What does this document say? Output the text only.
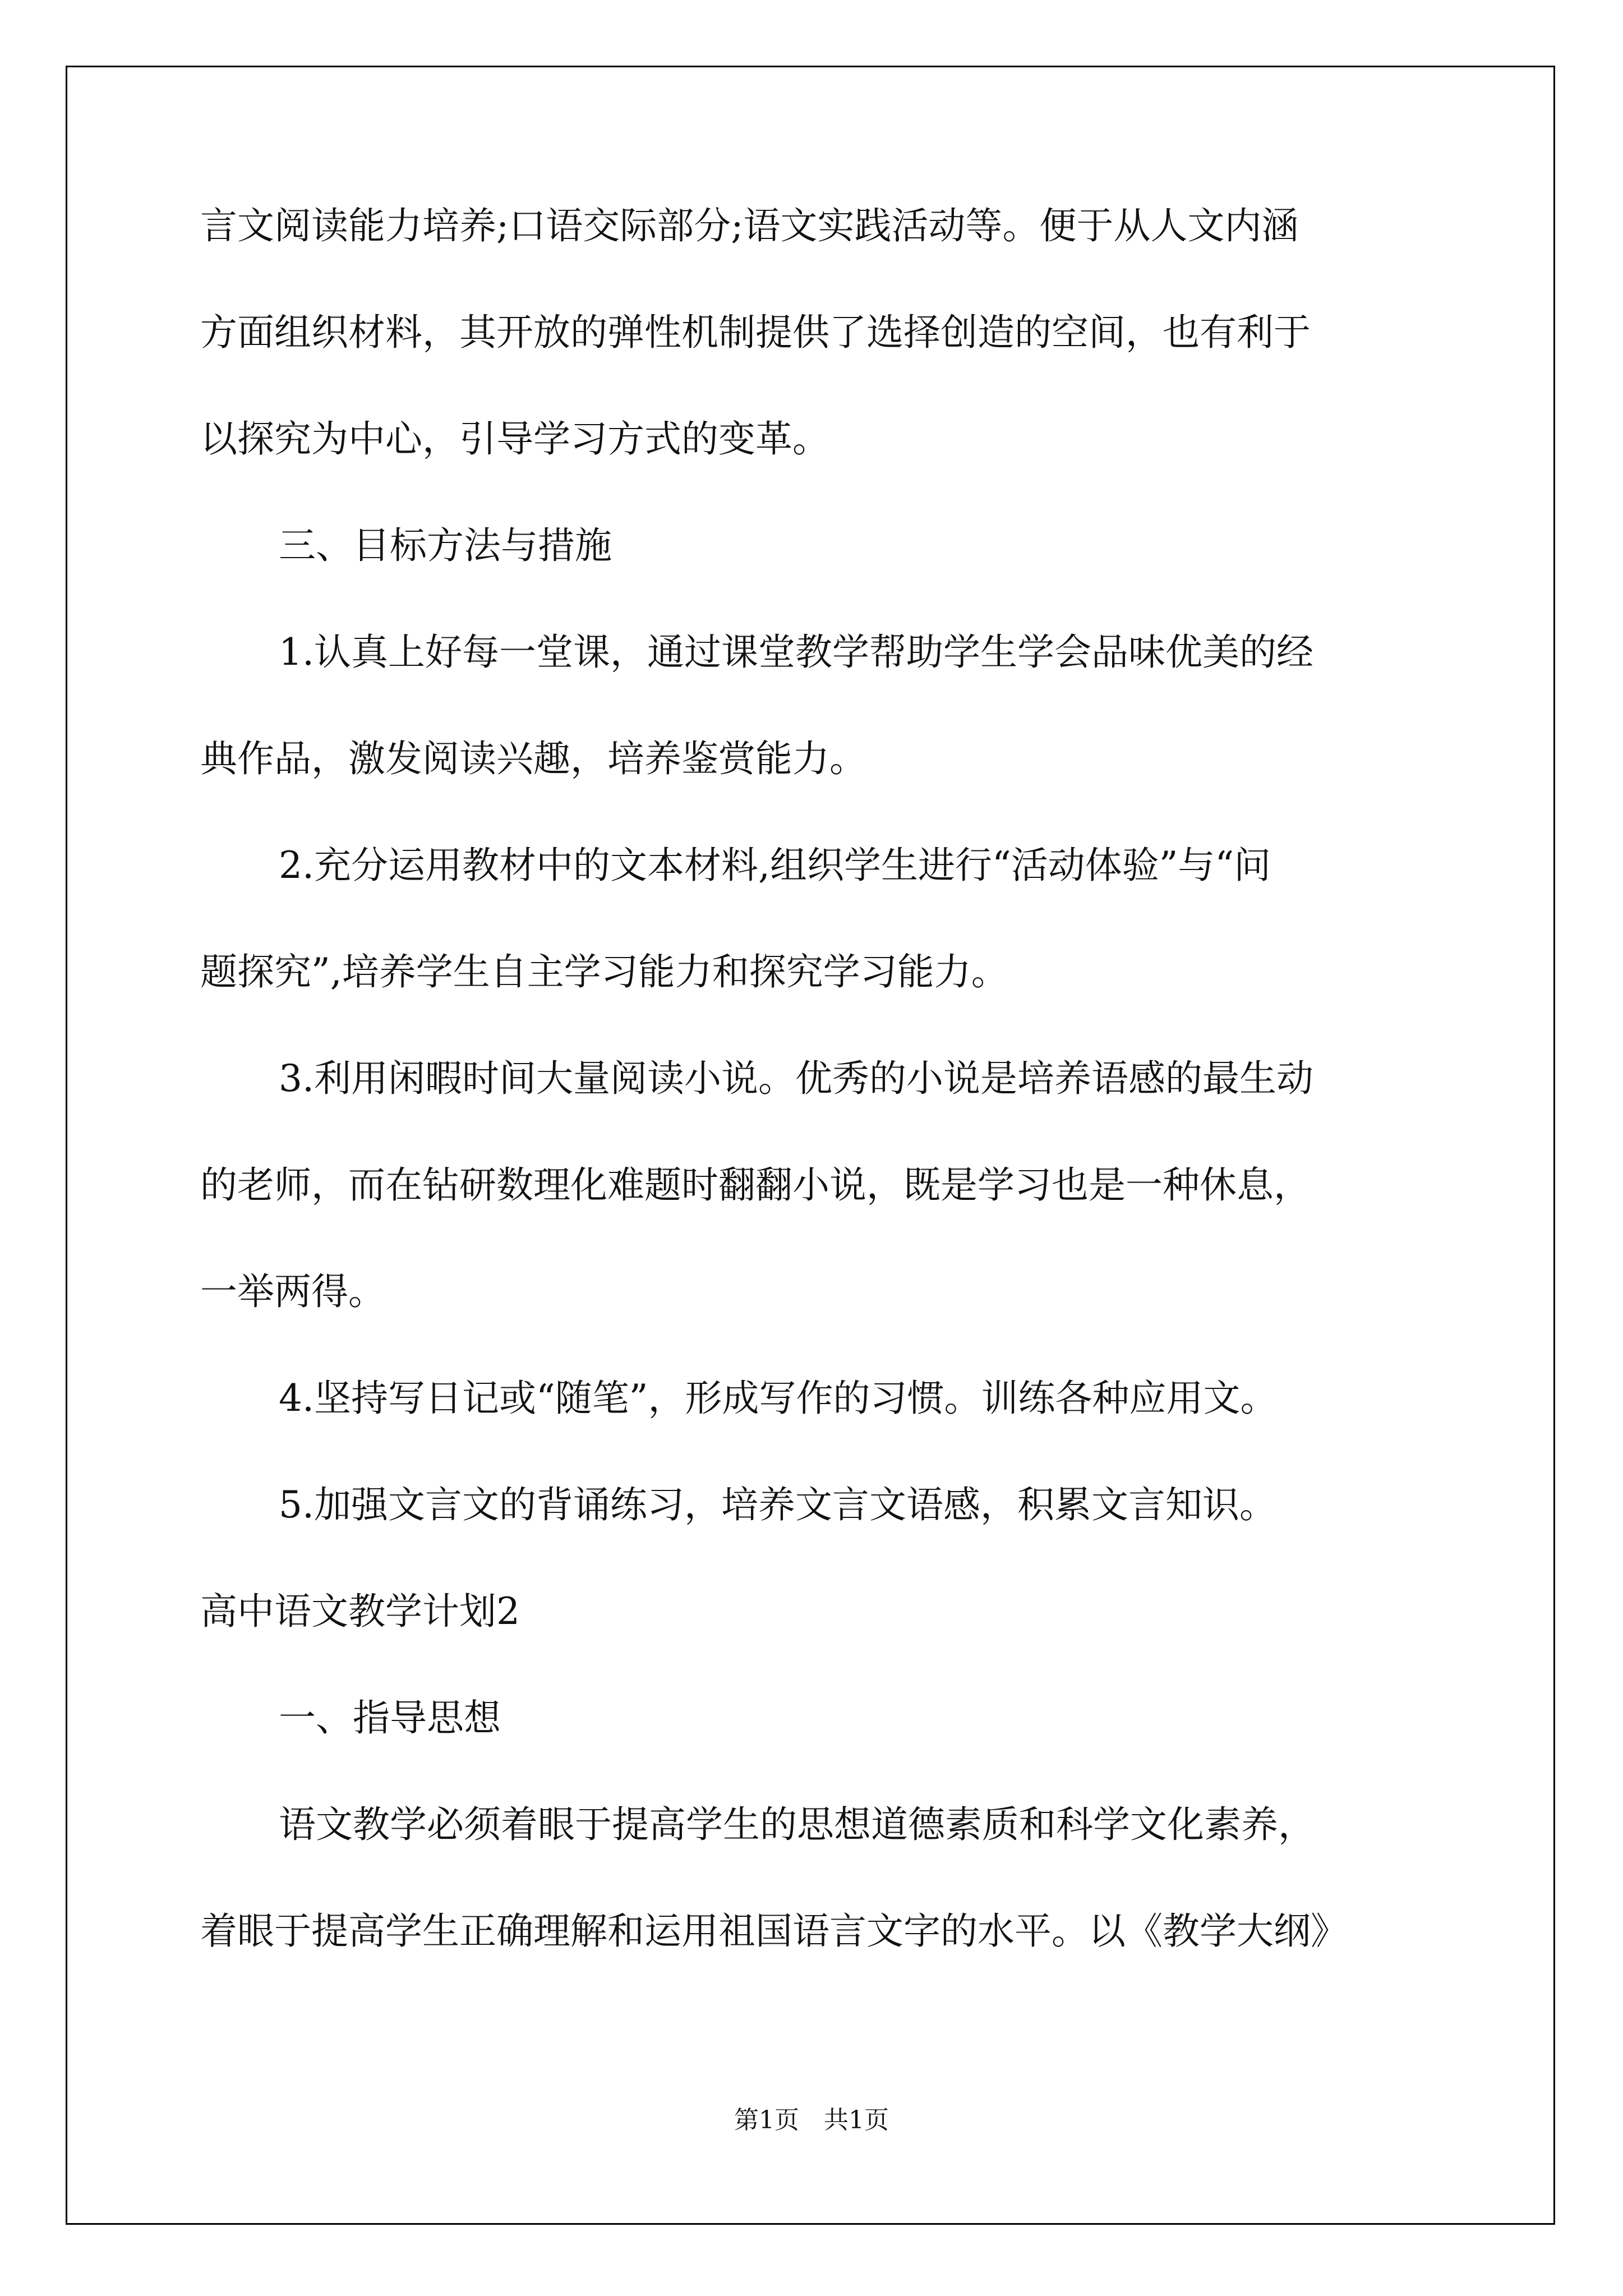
言文阅读能力培养;口语交际部分;语文实践活动等。便于从人文内涵
方面组织材料，其开放的弹性机制提供了选择创造的空间，也有利于
以探究为中心，引导学习方式的变革。
三、目标方法与措施
1.认真上好每一堂课，通过课堂教学帮助学生学会品味优美的经
典作品，激发阅读兴趣，培养鉴赏能力。
2.充分运用教材中的文本材料,组织学生进行“活动体验”与“问
题探究”,培养学生自主学习能力和探究学习能力。
3.利用闲暇时间大量阅读小说。优秀的小说是培养语感的最生动
的老师，而在钻研数理化难题时翻翻小说，既是学习也是一种休息，
一举两得。
4.坚持写日记或“随笔”，形成写作的习惯。训练各种应用文。
5.加强文言文的背诵练习，培养文言文语感，积累文言知识。
高中语文教学计划2
一、指导思想
语文教学必须着眼于提高学生的思想道德素质和科学文化素养，
着眼于提高学生正确理解和运用祖国语言文字的水平。以《教学大纲》
第1页　共1页
